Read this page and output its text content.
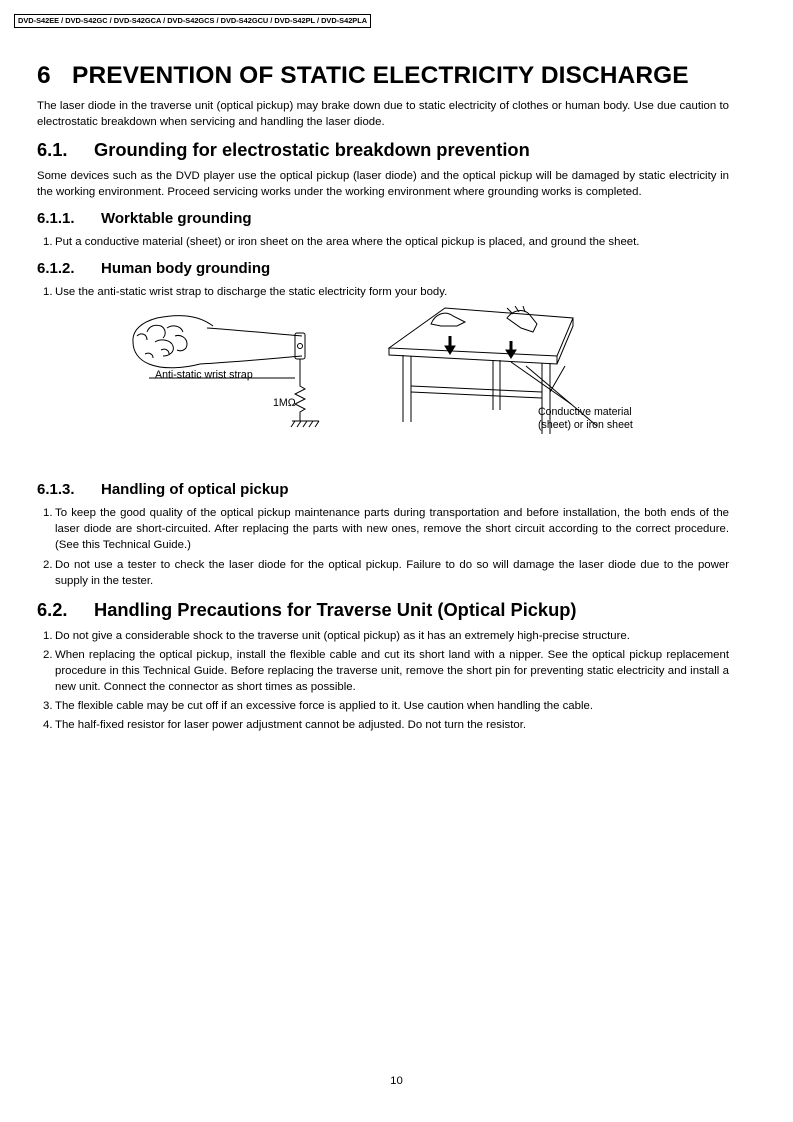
DVD-S42EE / DVD-S42GC / DVD-S42GCA / DVD-S42GCS / DVD-S42GCU / DVD-S42PL / DVD-S42PLA
6 PREVENTION OF STATIC ELECTRICITY DISCHARGE

The laser diode in the traverse unit (optical pickup) may brake down due to static electricity of clothes or human body. Use due caution to electrostatic breakdown when servicing and handling the laser diode.

6.1. Grounding for electrostatic breakdown prevention

Some devices such as the DVD player use the optical pickup (laser diode) and the optical pickup will be damaged by static electricity in the working environment. Proceed servicing works under the working environment where grounding works is completed.

6.1.1. Worktable grounding
1. Put a conductive material (sheet) or iron sheet on the area where the optical pickup is placed, and ground the sheet.
6.1.2. Human body grounding
1. Use the anti-static wrist strap to discharge the static electricity form your body.
Anti-static wrist strap
1MΩ
Conductive material
(sheet) or iron sheet
6.1.3. Handling of optical pickup
1. To keep the good quality of the optical pickup maintenance parts during transportation and before installation, the both ends of the laser diode are short-circuited. After replacing the parts with new ones, remove the short circuit according to the correct procedure. (See this Technical Guide.)
2. Do not use a tester to check the laser diode for the optical pickup. Failure to do so will damage the laser diode due to the power supply in the tester.
6.2. Handling Precautions for Traverse Unit (Optical Pickup)
1. Do not give a considerable shock to the traverse unit (optical pickup) as it has an extremely high-precise structure.
2. When replacing the optical pickup, install the flexible cable and cut its short land with a nipper. See the optical pickup replacement procedure in this Technical Guide. Before replacing the traverse unit, remove the short pin for preventing static electricity and install a new unit. Connect the connector as short times as possible.
3. The flexible cable may be cut off if an excessive force is applied to it. Use caution when handling the cable.
4. The half-fixed resistor for laser power adjustment cannot be adjusted. Do not turn the resistor.
10
